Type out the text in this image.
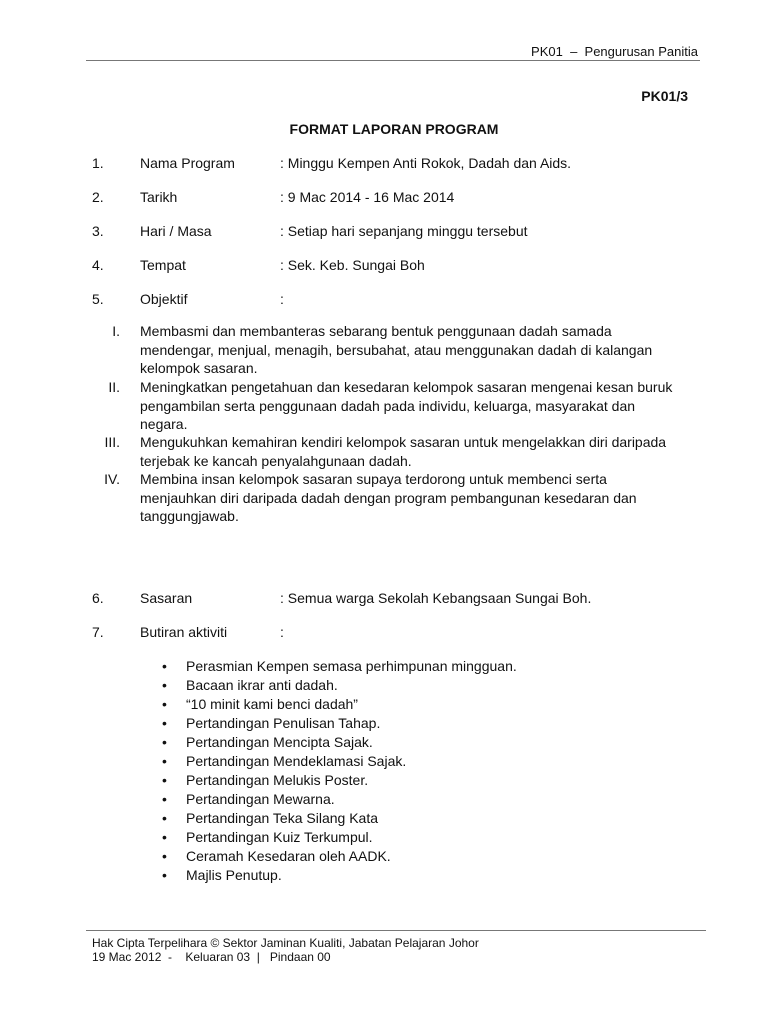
PK01  –  Pengurusan Panitia
PK01/3
FORMAT LAPORAN PROGRAM
1.	Nama Program	: Minggu Kempen Anti Rokok, Dadah dan Aids.
2.	Tarikh	: 9 Mac 2014 - 16 Mac 2014
3.	Hari / Masa	: Setiap hari sepanjang minggu tersebut
4.	Tempat	: Sek. Keb. Sungai Boh
5.	Objektif	:
I. Membasmi dan membanteras sebarang bentuk penggunaan dadah samada mendengar, menjual, menagih, bersubahat, atau menggunakan dadah di kalangan kelompok sasaran.
II. Meningkatkan pengetahuan dan kesedaran kelompok sasaran mengenai kesan buruk pengambilan serta penggunaan dadah pada individu, keluarga, masyarakat dan negara.
III. Mengukuhkan kemahiran kendiri kelompok sasaran untuk mengelakkan diri daripada terjebak ke kancah penyalahgunaan dadah.
IV. Membina insan kelompok sasaran supaya terdorong untuk membenci serta menjauhkan diri daripada dadah dengan program pembangunan kesedaran dan tanggungjawab.
6.	Sasaran	: Semua warga Sekolah Kebangsaan Sungai Boh.
7.	Butiran aktiviti	:
• Perasmian Kempen semasa perhimpunan mingguan.
• Bacaan ikrar anti dadah.
• “10 minit kami benci dadah”
• Pertandingan Penulisan Tahap.
• Pertandingan Mencipta Sajak.
• Pertandingan Mendeklamasi Sajak.
• Pertandingan Melukis Poster.
• Pertandingan Mewarna.
• Pertandingan Teka Silang Kata
• Pertandingan Kuiz Terkumpul.
• Ceramah Kesedaran oleh AADK.
• Majlis Penutup.
Hak Cipta Terpelihara © Sektor Jaminan Kualiti, Jabatan Pelajaran Johor
19 Mac 2012  -    Keluaran 03  |   Pindaan 00
